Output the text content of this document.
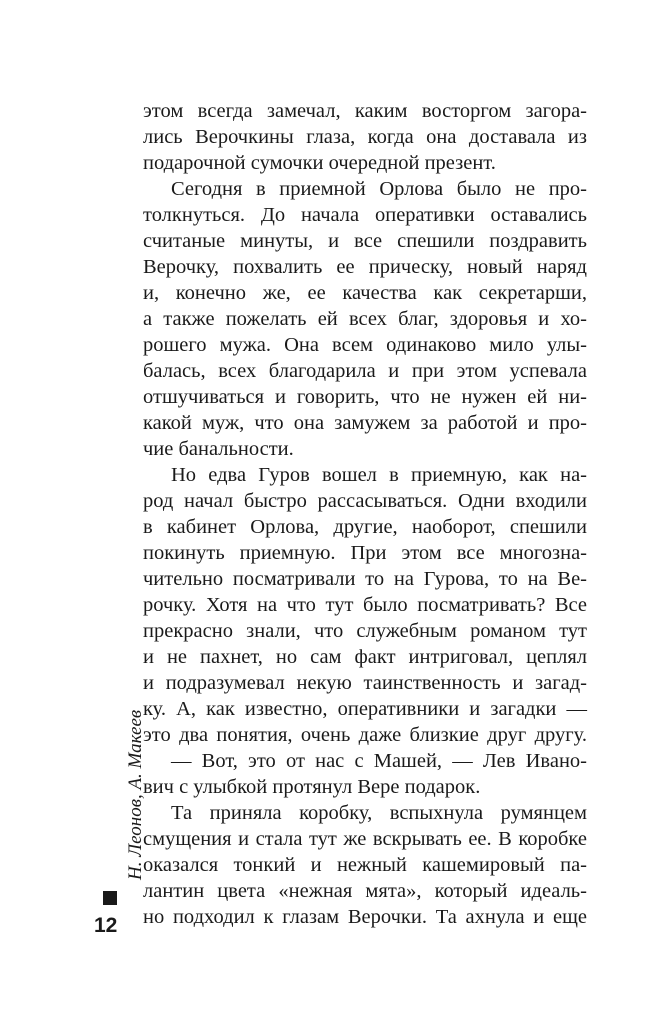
этом всегда замечал, каким восторгом загора-
лись Верочкины глаза, когда она доставала из
подарочной сумочки очередной презент.
Сегодня в приемной Орлова было не про-
толкнуться. До начала оперативки оставались
считаные минуты, и все спешили поздравить
Верочку, похвалить ее прическу, новый наряд
и, конечно же, ее качества как секретарши,
а также пожелать ей всех благ, здоровья и хо-
рошего мужа. Она всем одинаково мило улы-
балась, всех благодарила и при этом успевала
отшучиваться и говорить, что не нужен ей ни-
какой муж, что она замужем за работой и про-
чие банальности.
Но едва Гуров вошел в приемную, как на-
род начал быстро рассасываться. Одни входили
в кабинет Орлова, другие, наоборот, спешили
покинуть приемную. При этом все многозна-
чительно посматривали то на Гурова, то на Ве-
рочку. Хотя на что тут было посматривать? Все
прекрасно знали, что служебным романом тут
и не пахнет, но сам факт интриговал, цеплял
и подразумевал некую таинственность и загад-
ку. А, как известно, оперативники и загадки —
это два понятия, очень даже близкие друг другу.
— Вот, это от нас с Машей, — Лев Ивано-
вич с улыбкой протянул Вере подарок.
Та приняла коробку, вспыхнула румянцем
смущения и стала тут же вскрывать ее. В коробке
оказался тонкий и нежный кашемировый па-
лантин цвета «нежная мята», который идеаль-
но подходил к глазам Верочки. Та ахнула и еще
Н. Леонов, А. Макеев
12
